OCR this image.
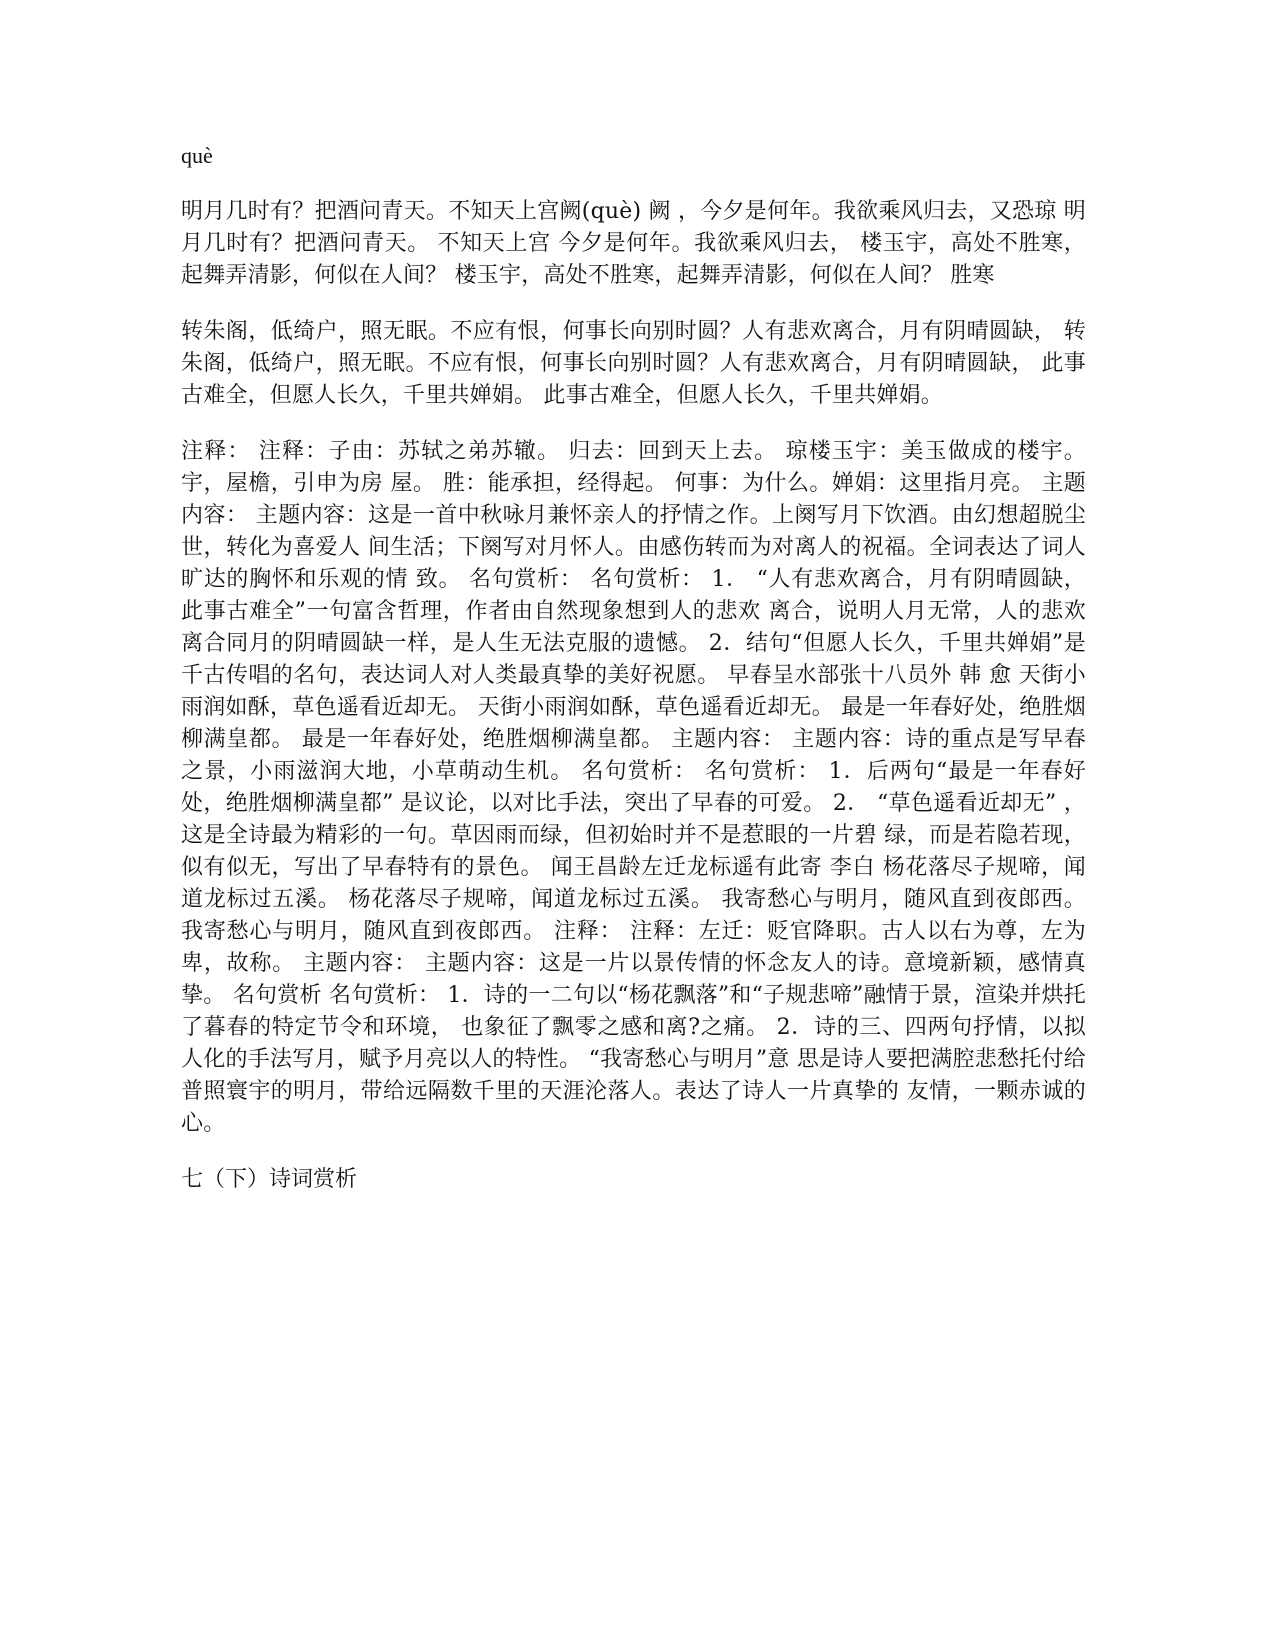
què

明月几时有？把酒问青天。不知天上宫阙(què) 阙 ，今夕是何年。我欲乘风归去，又恐琼 明月几时有？把酒问青天。 不知天上宫 今夕是何年。我欲乘风归去， 楼玉宇，高处不胜寒，起舞弄清影，何似在人间？ 楼玉宇，高处不胜寒，起舞弄清影，何似在人间？ 胜寒

转朱阁，低绮户，照无眠。不应有恨，何事长向别时圆？人有悲欢离合，月有阴晴圆缺， 转朱阁，低绮户，照无眠。不应有恨，何事长向别时圆？人有悲欢离合，月有阴晴圆缺， 此事古难全，但愿人长久，千里共婵娟。 此事古难全，但愿人长久，千里共婵娟。

注释： 注释：子由：苏轼之弟苏辙。 归去：回到天上去。 琼楼玉宇：美玉做成的楼宇。宇，屋檐，引申为房 屋。 胜：能承担，经得起。 何事：为什么。婵娟：这里指月亮。 主题内容： 主题内容：这是一首中秋咏月兼怀亲人的抒情之作。上阕写月下饮酒。由幻想超脱尘世，转化为喜爱人 间生活；下阕写对月怀人。由感伤转而为对离人的祝福。全词表达了词人旷达的胸怀和乐观的情 致。 名句赏析： 名句赏析： 1． “人有悲欢离合，月有阴晴圆缺，此事古难全”一句富含哲理，作者由自然现象想到人的悲欢 离合，说明人月无常，人的悲欢离合同月的阴晴圆缺一样，是人生无法克服的遗憾。 2．结句“但愿人长久，千里共婵娟”是千古传唱的名句，表达词人对人类最真挚的美好祝愿。 早春呈水部张十八员外 韩 愈 天街小雨润如酥，草色遥看近却无。 天街小雨润如酥，草色遥看近却无。 最是一年春好处，绝胜烟柳满皇都。 最是一年春好处，绝胜烟柳满皇都。 主题内容： 主题内容：诗的重点是写早春之景，小雨滋润大地，小草萌动生机。 名句赏析： 名句赏析： 1．后两句“最是一年春好处，绝胜烟柳满皇都” 是议论，以对比手法，突出了早春的可爱。 2． “草色遥看近却无” ，这是全诗最为精彩的一句。草因雨而绿，但初始时并不是惹眼的一片碧 绿，而是若隐若现，似有似无，写出了早春特有的景色。 闻王昌龄左迁龙标遥有此寄 李白 杨花落尽子规啼，闻道龙标过五溪。 杨花落尽子规啼，闻道龙标过五溪。 我寄愁心与明月，随风直到夜郎西。 我寄愁心与明月，随风直到夜郎西。 注释： 注释：左迁：贬官降职。古人以右为尊，左为卑，故称。 主题内容： 主题内容：这是一片以景传情的怀念友人的诗。意境新颖，感情真挚。 名句赏析 名句赏析： 1．诗的一二句以“杨花飘落”和“子规悲啼”融情于景，渲染并烘托了暮春的特定节令和环境， 也象征了飘零之感和离?之痛。 2．诗的三、四两句抒情，以拟人化的手法写月，赋予月亮以人的特性。 “我寄愁心与明月”意 思是诗人要把满腔悲愁托付给普照寰宇的明月，带给远隔数千里的天涯沦落人。表达了诗人一片真挚的 友情，一颗赤诚的心。

七（下）诗词赏析
